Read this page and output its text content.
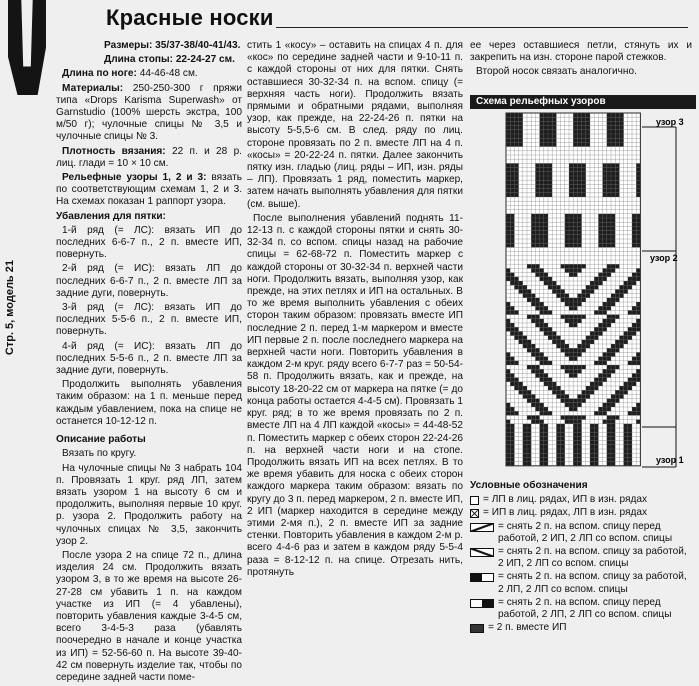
Стр. 5, модель 21
Красные носки

Размеры: 35/37-38/40-41/43.

Длина стопы: 22-24-27 см.

Длина по ноге: 44-46-48 см.

Материалы: 250-250-300 г пряжи типа «Drops Karisma Superwash» от Garnstudio (100% шерсть экстра, 100 м/50 г); чулочные спицы № 3,5 и чулочные спицы № 3.

Плотность вязания: 22 п. и 28 р. лиц. глади = 10 × 10 см.

Рельефные узоры 1, 2 и 3: вязать по соответствующим схемам 1, 2 и 3. На схемах показан 1 раппорт узора.

Убавления для пятки:

1-й ряд (= ЛС): вязать ИП до последних 6-6-7 п., 2 п. вместе ИП, повернуть.

2-й ряд (= ИС): вязать ЛП до последних 6-6-7 п., 2 п. вместе ЛП за задние дуги, повернуть.

3-й ряд (= ЛС): вязать ИП до последних 5-5-6 п., 2 п. вместе ИП, повернуть.

4-й ряд (= ИС): вязать ЛП до последних 5-5-6 п., 2 п. вместе ЛП за задние дуги, повернуть.

Продолжить выполнять убавления таким образом: на 1 п. меньше перед каждым убавлением, пока на спице не останется 10-12-12 п.

Описание работы

Вязать по кругу.

На чулочные спицы № 3 набрать 104 п. Провязать 1 круг. ряд ЛП, затем вязать узором 1 на высоту 6 см и продолжить, выполняя первые 10 круг. р. узора 2. Продолжить работу на чулочных спицах № 3,5, закончить узор 2.

После узора 2 на спице 72 п., длина изделия 24 см. Продолжить вязать узором 3, в то же время на высоте 26-27-28 см убавить 1 п. на каждом участке из ИП (= 4 убавлены), повторить убавления каждые 3-4-5 см, всего 3-4-5-3 раза (убавлять поочередно в начале и конце участка из ИП) = 52-56-60 п. На высоте 39-40-42 см повернуть изделие так, чтобы по середине задней части поме-

стить 1 «косу» – оставить на спицах 4 п. для «кос» по середине задней части и 9-10-11 п. с каждой стороны от них для пятки. Снять оставшиеся 30-32-34 п. на вспом. спицу (= верхняя часть ноги). Продолжить вязать прямыми и обратными рядами, выполняя узор, как прежде, на 22-24-26 п. пятки на высоту 5-5,5-6 см. В след. ряду по лиц. стороне провязать по 2 п. вместе ЛП на 4 п. «косы» = 20-22-24 п. пятки. Далее закончить пятку изн. гладью (лиц. ряды – ИП, изн. ряды – ЛП). Провязать 1 ряд, поместить маркер, затем начать выполнять убавления для пятки (см. выше).

После выполнения убавлений поднять 11-12-13 п. с каждой стороны пятки и снять 30-32-34 п. со вспом. спицы назад на рабочие спицы = 62-68-72 п. Поместить маркер с каждой стороны от 30-32-34 п. верхней части ноги. Продолжить вязать, выполняя узор, как прежде, на этих петлях и ИП на остальных. В то же время выполнить убавления с обеих сторон таким образом: провязать вместе ИП последние 2 п. перед 1-м маркером и вместе ИП первые 2 п. после последнего маркера на верхней части ноги. Повторить убавления в каждом 2-м круг. ряду всего 6-7-7 раз = 50-54-58 п. Продолжить вязать, как и прежде, на высоту 18-20-22 см от маркера на пятке (= до конца работы остается 4-4-5 см). Провязать 1 круг. ряд; в то же время провязать по 2 п. вместе ЛП на 4 ЛП каждой «косы» = 44-48-52 п. Поместить маркер с обеих сторон 22-24-26 п. на верхней части ноги и на стопе. Продолжить вязать ИП на всех петлях. В то же время убавить для носка с обеих сторон каждого маркера таким образом: вязать по кругу до 3 п. перед маркером, 2 п. вместе ИП, 2 ИП (маркер находится в середине между этими 2-мя п.), 2 п. вместе ИП за задние стенки. Повторить убавления в каждом 2-м р. всего 4-4-6 раз и затем в каждом ряду 5-5-4 раза = 8-12-12 п. на спице. Отрезать нить, протянуть

ее через оставшиеся петли, стянуть их и закрепить на изн. стороне парой стежков.

Второй носок связать аналогично.

Схема рельефных узоров
узор 3
узор 2
узор 1
Условные обозначения
= ЛП в лиц. рядах, ИП в изн. рядах
= ИП в лиц. рядах, ЛП в изн. рядах
= снять 2 п. на вспом. спицу перед работой, 2 ИП, 2 ЛП со вспом. спицы
= снять 2 п. на вспом. спицу за работой, 2 ИП, 2 ЛП со вспом. спицы
= снять 2 п. на вспом. спицу за работой, 2 ЛП, 2 ЛП со вспом. спицы
= снять 2 п. на вспом. спицу перед работой, 2 ЛП, 2 ЛП со вспом. спицы
= 2 п. вместе ИП
